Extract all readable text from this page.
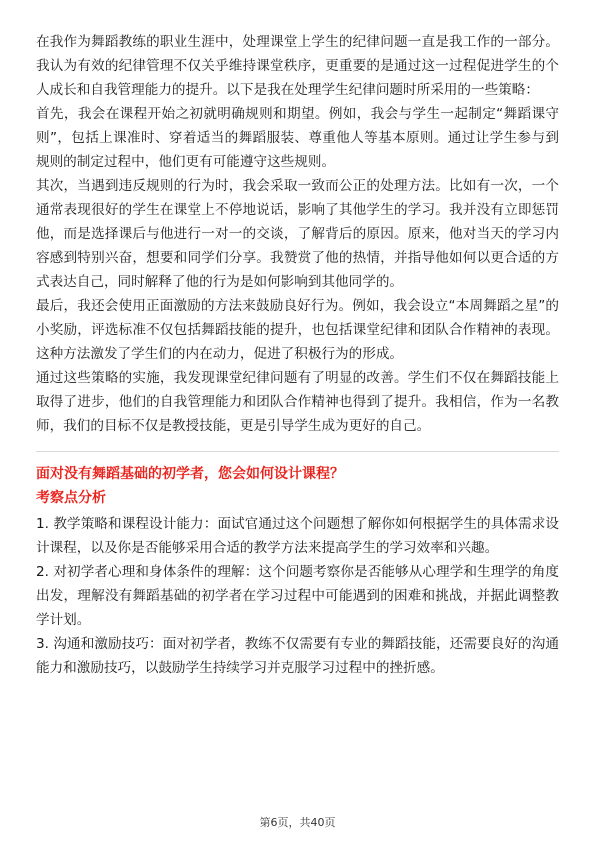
在我作为舞蹈教练的职业生涯中，处理课堂上学生的纪律问题一直是我工作的一部分。我认为有效的纪律管理不仅关乎维持课堂秩序，更重要的是通过这一过程促进学生的个人成长和自我管理能力的提升。以下是我在处理学生纪律问题时所采用的一些策略：

首先，我会在课程开始之初就明确规则和期望。例如，我会与学生一起制定“舞蹈课守则”，包括上课准时、穿着适当的舞蹈服装、尊重他人等基本原则。通过让学生参与到规则的制定过程中，他们更有可能遵守这些规则。

其次，当遇到违反规则的行为时，我会采取一致而公正的处理方法。比如有一次，一个通常表现很好的学生在课堂上不停地说话，影响了其他学生的学习。我并没有立即惩罚他，而是选择课后与他进行一对一的交谈，了解背后的原因。原来，他对当天的学习内容感到特别兴奋，想要和同学们分享。我赞赏了他的热情，并指导他如何以更合适的方式表达自己，同时解释了他的行为是如何影响到其他同学的。

最后，我还会使用正面激励的方法来鼓励良好行为。例如，我会设立“本周舞蹈之星”的小奖励，评选标准不仅包括舞蹈技能的提升，也包括课堂纪律和团队合作精神的表现。这种方法激发了学生们的内在动力，促进了积极行为的形成。

通过这些策略的实施，我发现课堂纪律问题有了明显的改善。学生们不仅在舞蹈技能上取得了进步，他们的自我管理能力和团队合作精神也得到了提升。我相信，作为一名教师，我们的目标不仅是教授技能，更是引导学生成为更好的自己。

面对没有舞蹈基础的初学者，您会如何设计课程？

考察点分析

1. 教学策略和课程设计能力：面试官通过这个问题想了解你如何根据学生的具体需求设计课程，以及你是否能够采用合适的教学方法来提高学生的学习效率和兴趣。

2. 对初学者心理和身体条件的理解：这个问题考察你是否能够从心理学和生理学的角度出发，理解没有舞蹈基础的初学者在学习过程中可能遇到的困难和挑战，并据此调整教学计划。

3. 沟通和激励技巧：面对初学者，教练不仅需要有专业的舞蹈技能，还需要良好的沟通能力和激励技巧，以鼓励学生持续学习并克服学习过程中的挫折感。

第6页，共40页
